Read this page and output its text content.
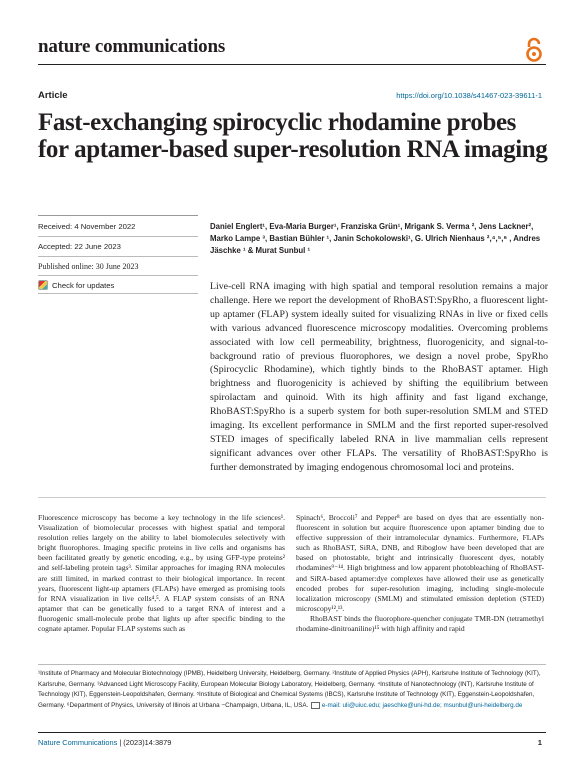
nature communications
Article	https://doi.org/10.1038/s41467-023-39611-1
Fast-exchanging spirocyclic rhodamine probes for aptamer-based super-resolution RNA imaging
Received: 4 November 2022
Accepted: 22 June 2023
Published online: 30 June 2023
Check for updates
Daniel Englert¹, Eva-Maria Burger¹, Franziska Grün¹, Mrigank S. Verma ², Jens Lackner², Marko Lampe ³, Bastian Bühler ¹, Janin Schokolowski¹, G. Ulrich Nienhaus ²,⁴,⁵,⁶ , Andres Jäschke ¹ & Murat Sunbul ¹
Live-cell RNA imaging with high spatial and temporal resolution remains a major challenge. Here we report the development of RhoBAST:SpyRho, a fluorescent light-up aptamer (FLAP) system ideally suited for visualizing RNAs in live or fixed cells with various advanced fluorescence microscopy modalities. Overcoming problems associated with low cell permeability, brightness, fluorogenicity, and signal-to-background ratio of previous fluorophores, we design a novel probe, SpyRho (Spirocyclic Rhodamine), which tightly binds to the RhoBAST aptamer. High brightness and fluorogenicity is achieved by shifting the equilibrium between spirolactam and quinoid. With its high affinity and fast ligand exchange, RhoBAST:SpyRho is a superb system for both super-resolution SMLM and STED imaging. Its excellent performance in SMLM and the first reported super-resolved STED images of specifically labeled RNA in live mammalian cells represent significant advances over other FLAPs. The versatility of RhoBAST:SpyRho is further demonstrated by imaging endogenous chromosomal loci and proteins.
Fluorescence microscopy has become a key technology in the life sciences¹. Visualization of biomolecular processes with highest spatial and temporal resolution relies largely on the ability to label biomolecules selectively with bright fluorophores. Imaging specific proteins in live cells and organisms has been facilitated greatly by genetic encoding, e.g., by using GFP-type proteins² and self-labeling protein tags³. Similar approaches for imaging RNA molecules are still limited, in marked contrast to their biological importance. In recent years, fluorescent light-up aptamers (FLAPs) have emerged as promising tools for RNA visualization in live cells⁴,⁵. A FLAP system consists of an RNA aptamer that can be genetically fused to a target RNA of interest and a fluorogenic small-molecule probe that lights up after specific binding to the cognate aptamer. Popular FLAP systems such as
Spinach⁶, Broccoli⁷ and Pepper⁸ are based on dyes that are essentially non-fluorescent in solution but acquire fluorescence upon aptamer binding due to effective suppression of their intramolecular dynamics. Furthermore, FLAPs such as RhoBAST, SiRA, DNB, and Riboglow have been developed that are based on photostable, bright and intrinsically fluorescent dyes, notably rhodamines⁹⁻¹⁴. High brightness and low apparent photobleaching of RhoBAST- and SiRA-based aptamer:dye complexes have allowed their use as genetically encoded probes for super-resolution imaging, including single-molecule localization microscopy (SMLM) and stimulated emission depletion (STED) microscopy¹²,¹³.
RhoBAST binds the fluorophore-quencher conjugate TMR-DN (tetramethyl rhodamine-dinitroaniline)¹⁵ with high affinity and rapid
¹Institute of Pharmacy and Molecular Biotechnology (IPMB), Heidelberg University, Heidelberg, Germany. ²Institute of Applied Physics (APH), Karlsruhe Institute of Technology (KIT), Karlsruhe, Germany. ³Advanced Light Microscopy Facility, European Molecular Biology Laboratory, Heidelberg, Germany. ⁴Institute of Nanotechnology (INT), Karlsruhe Institute of Technology (KIT), Eggenstein-Leopoldshafen, Germany. ⁵Institute of Biological and Chemical Systems (IBCS), Karlsruhe Institute of Technology (KIT), Eggenstein-Leopoldshafen, Germany. ⁶Department of Physics, University of Illinois at Urbana −Champaign, Urbana, IL, USA. e-mail: uli@uiuc.edu; jaeschke@uni-hd.de; msunbul@uni-heidelberg.de
Nature Communications | (2023)14:3879	1
